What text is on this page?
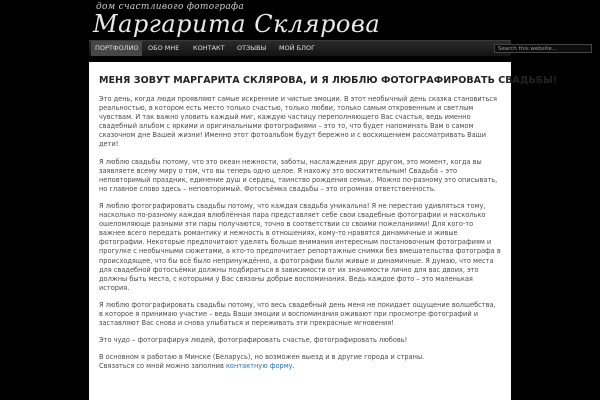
дом счастливого фотографа
Маргарита Склярова
ПОРТФОЛИО	ОБО МНЕ	КОНТАКТ	ОТЗЫВЫ	МОЙ БЛОГ	Search this website...
МЕНЯ ЗОВУТ МАРГАРИТА СКЛЯРОВА, И Я ЛЮБЛЮ ФОТОГРАФИРОВАТЬ СВАДЬБЫ!

Это день, когда люди проявляют самые искренние и чистые эмоции. В этот необычный день сказка становиться реальностью, в котором есть место только счастью, только любви, только самым откровенным и светлым чувствам. И так важно уловить каждый миг, каждую частицу переполняющего Вас счастья, ведь именно свадебный альбом с яркими и оригинальными фотографиями – это то, что будет напоминать Вам о самом сказочном дне Вашей жизни! Именно этот фотоальбом будут бережно и с восхищением рассматривать Ваши дети!

Я люблю свадьбы потому, что это океан нежности, заботы, наслаждения друг другом, это момент, когда вы заявляете всему миру о том, что вы теперь одно целое. Я нахожу это восхитительным! Свадьба – это неповторимый праздник, единение душ и сердец, таинство рождения семьи.. Можно по-разному это описывать, но главное слово здесь – неповторимый. Фотосъёмка свадьбы – это огромная ответственность.

Я люблю фотографировать свадьбы потому, что каждая свадьба уникальна! Я не перестаю удивляться тому, насколько по-разному каждая влюблённая пара представляет себе свои свадебные фотографии и насколько ошеломляюще разными эти пары получаются, точно в соответствии со своими пожеланиями! Для кого-то важнее всего передать романтику и нежность в отношениях, кому-то нравятся динамичные и живые фотографии. Некоторые предпочитают уделять больше внимания интересным постановочным фотографиям и прогулке с необычными сюжетами, а кто-то предпочитает репортажные снимки без вмешательства фотографа в происходящее, что бы всё было непринуждённо, а фотографии были живые и динамичные. Я думаю, что места для свадебной фотосъёмки должны подбираться в зависимости от их значимости лично для вас двоих, это должны быть места, с которыми у Вас связаны добрые воспоминания. Ведь каждое фото – это маленькая история.

Я люблю фотографировать свадьбы потому, что весь свадебный день меня не покидает ощущение волшебства, в которое я принимаю участие – ведь Ваши эмоции и воспоминания оживают при просмотре фотографий и заставляют Вас снова и снова улыбаться и переживать эти прекрасные мгновения!

Это чудо – фотографируя людей, фотографировать счастье, фотографировать любовь!

В основном я работаю в Минске (Беларусь), но возможен выезд и в другие города и страны.
Связаться со мной можно заполнив контактную форму.
